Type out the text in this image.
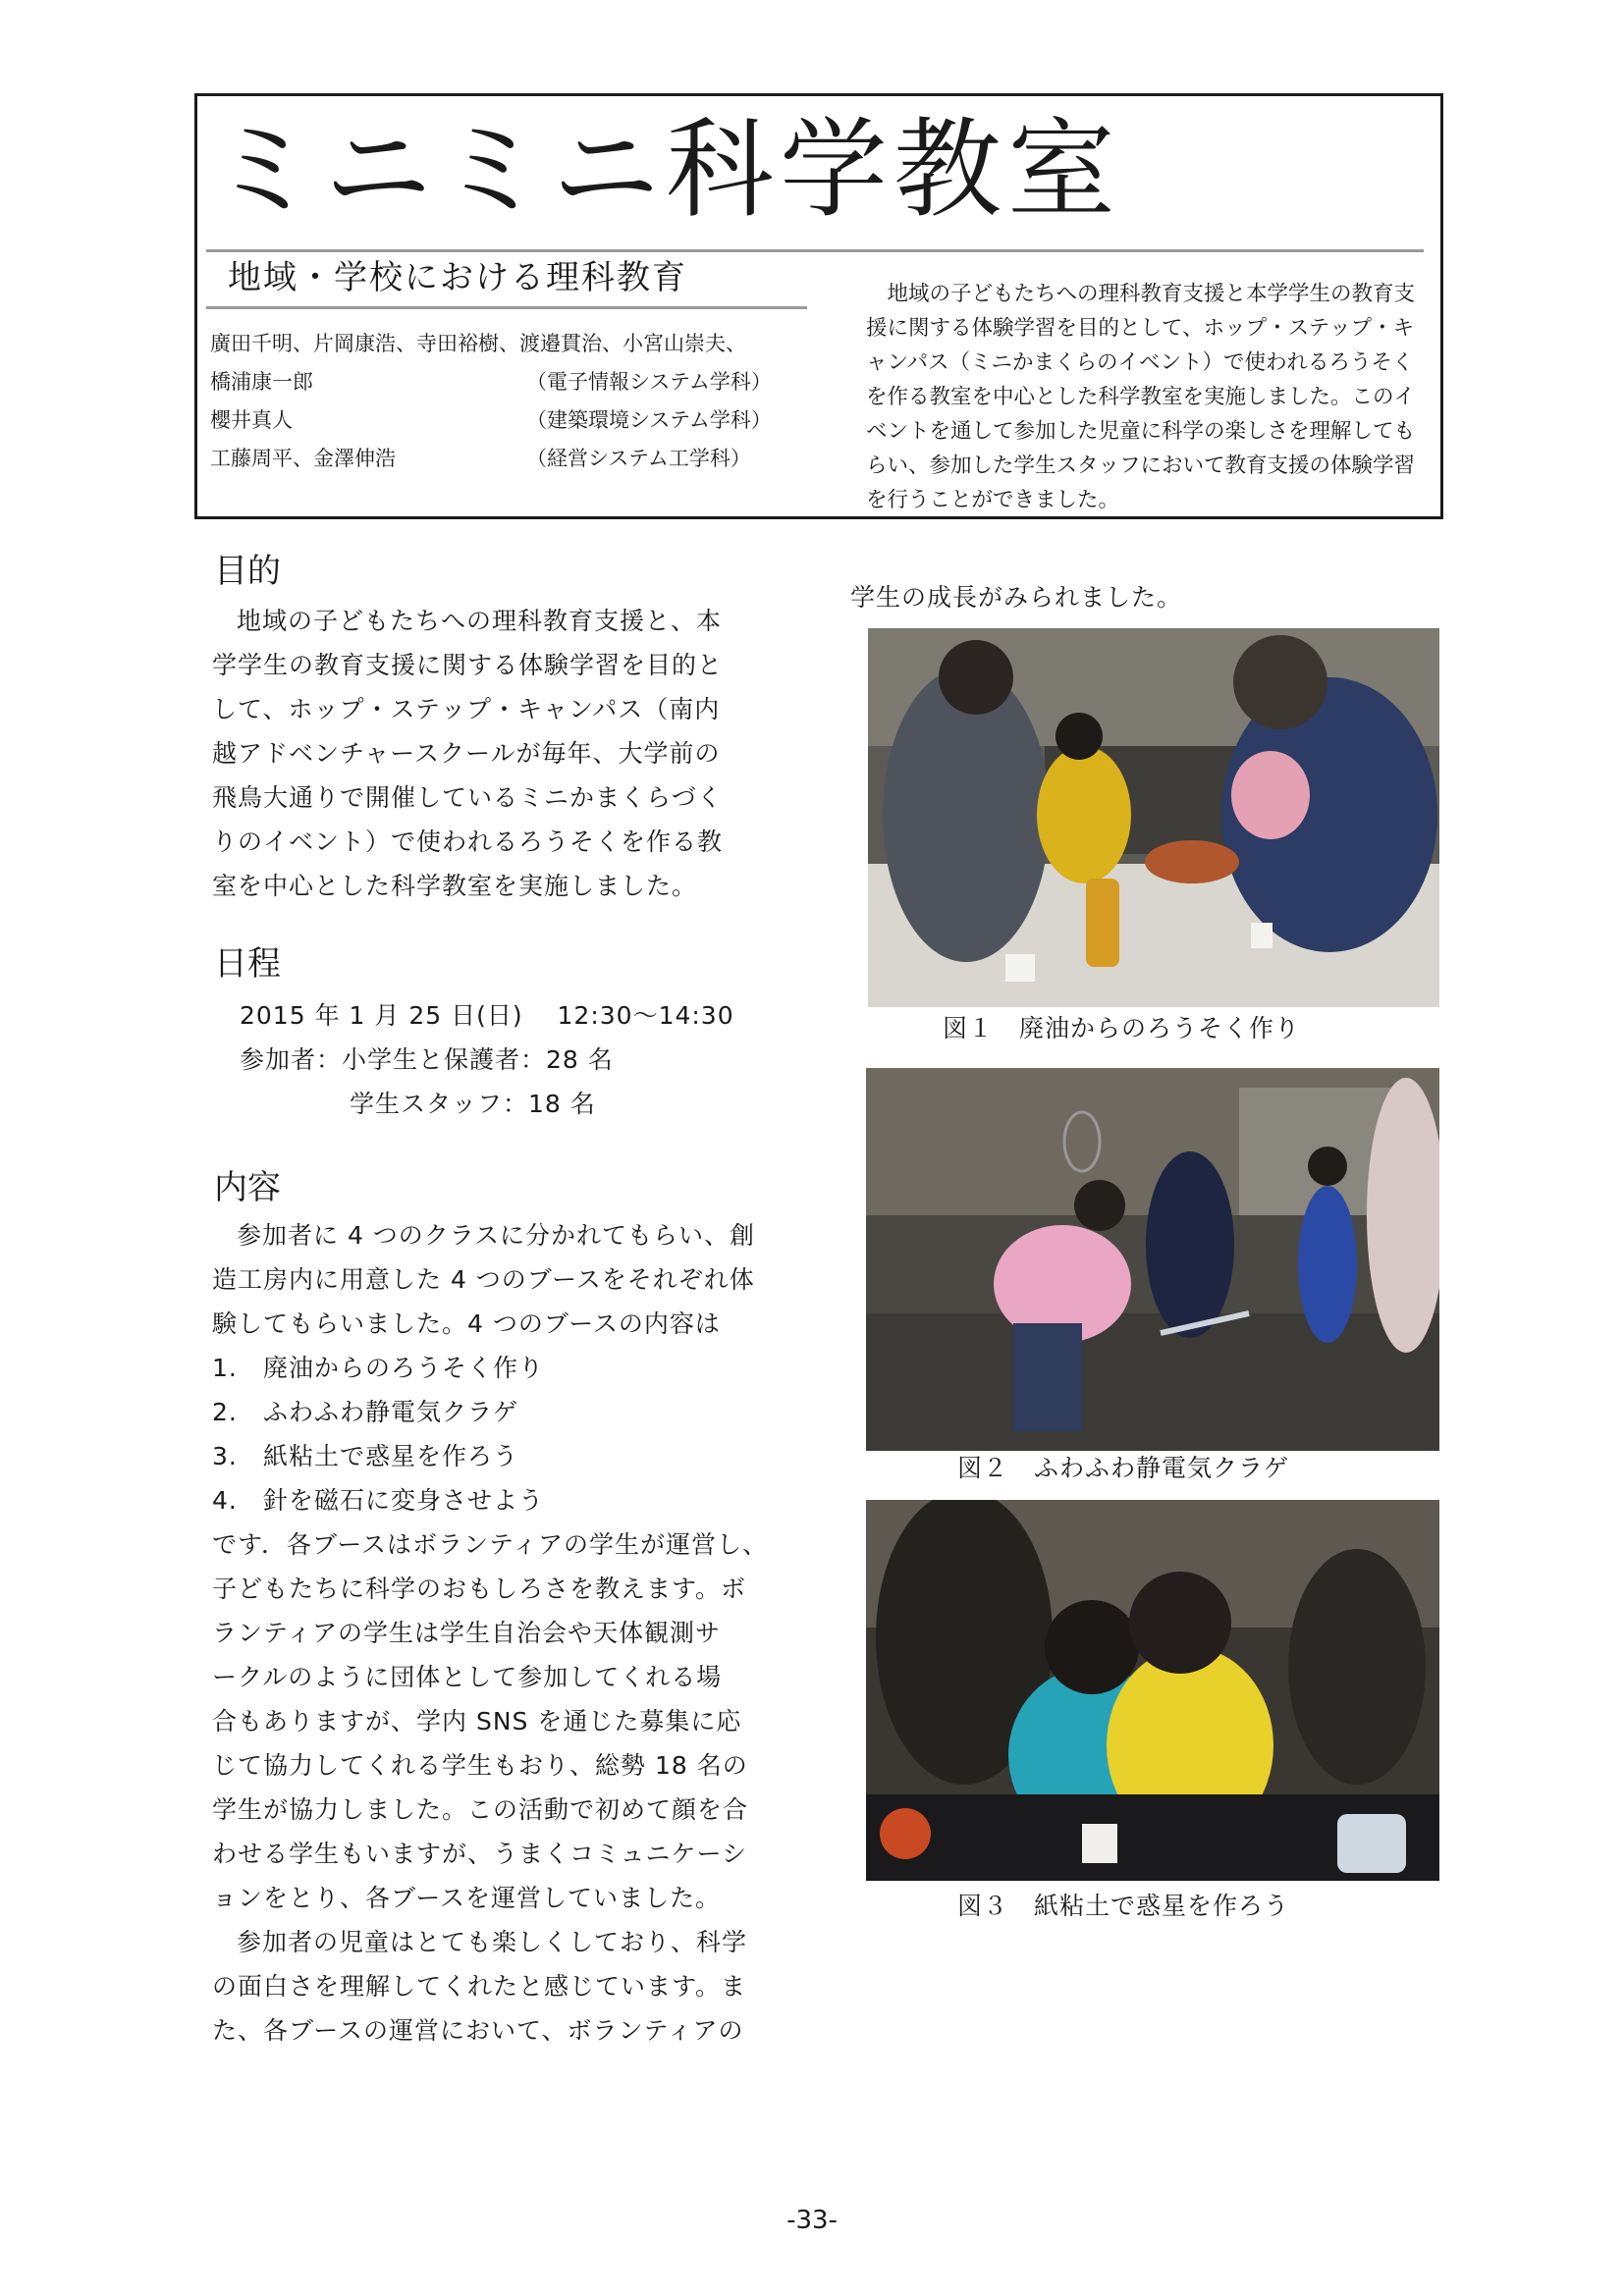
ミニミニ科学教室
地域・学校における理科教育
廣田千明、片岡康浩、寺田裕樹、渡邉貫治、小宮山崇夫、
橋浦康一郎	（電子情報システム学科）
櫻井真人	（建築環境システム学科）
工藤周平、金澤伸浩	（経営システム工学科）
地域の子どもたちへの理科教育支援と本学学生の教育支援に関する体験学習を目的として、ホップ・ステップ・キャンパス（ミニかまくらのイベント）で使われるろうそくを作る教室を中心とした科学教室を実施しました。このイベントを通して参加した児童に科学の楽しさを理解してもらい、参加した学生スタッフにおいて教育支援の体験学習を行うことができました。
目的
地域の子どもたちへの理科教育支援と、本
学学生の教育支援に関する体験学習を目的と
して、ホップ・ステップ・キャンパス（南内
越アドベンチャースクールが毎年、大学前の
飛鳥大通りで開催しているミニかまくらづく
りのイベント）で使われるろうそくを作る教
室を中心とした科学教室を実施しました。
日程
2015 年 1 月 25 日(日)　 12:30～14:30
参加者：小学生と保護者：28 名
学生スタッフ：18 名
内容
参加者に 4 つのクラスに分かれてもらい、創
造工房内に用意した 4 つのブースをそれぞれ体
験してもらいました。4 つのブースの内容は
1. 廃油からのろうそく作り
2. ふわふわ静電気クラゲ
3. 紙粘土で惑星を作ろう
4. 針を磁石に変身させよう
です．各ブースはボランティアの学生が運営し、
子どもたちに科学のおもしろさを教えます。ボ
ランティアの学生は学生自治会や天体観測サ
ークルのように団体として参加してくれる場
合もありますが、学内 SNS を通じた募集に応
じて協力してくれる学生もおり、総勢 18 名の
学生が協力しました。この活動で初めて顔を合
わせる学生もいますが、うまくコミュニケーシ
ョンをとり、各ブースを運営していました。
参加者の児童はとても楽しくしており、科学
の面白さを理解してくれたと感じています。ま
た、各ブースの運営において、ボランティアの
学生の成長がみられました。
図１　廃油からのろうそく作り
図２　ふわふわ静電気クラゲ
図３　紙粘土で惑星を作ろう
-33-
